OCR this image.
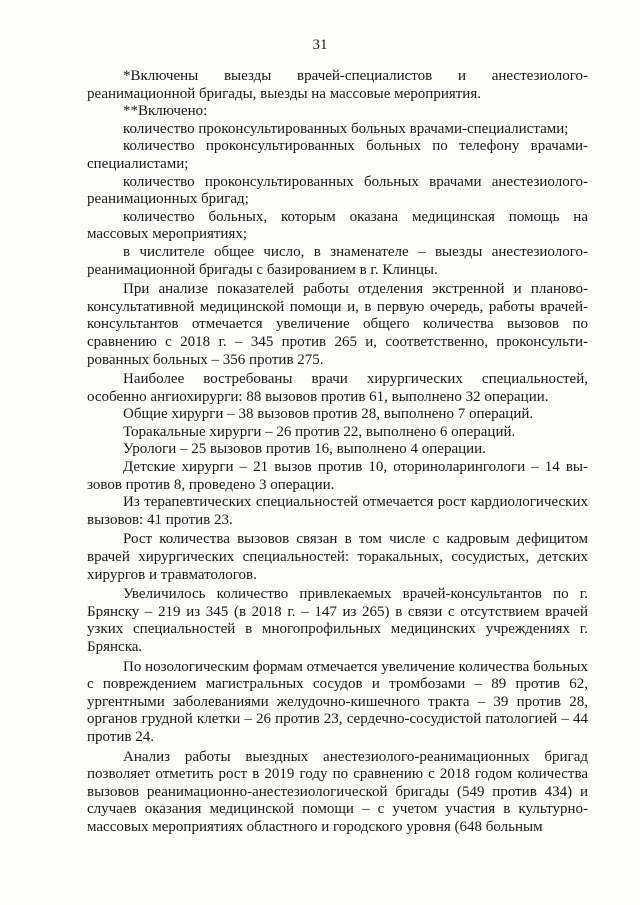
31

*Включены выезды врачей-специалистов и анестезиолого-реанимационной бригады, выезды на массовые мероприятия.

**Включено:

количество проконсультированных больных врачами-специалистами;

количество проконсультированных больных по телефону врачами-специалистами;

количество проконсультированных больных врачами анестезиолого-реанимационных бригад;

количество больных, которым оказана медицинская помощь на массовых мероприятиях;

в числителе общее число, в знаменателе – выезды анестезиолого-реанимационной бригады с базированием в г. Клинцы.

При анализе показателей работы отделения экстренной и планово-консультативной медицинской помощи и, в первую очередь, работы врачей-консультантов отмечается увеличение общего количества вызовов по сравнению с 2018 г. – 345 против 265 и, соответственно, проконсульти-рованных больных – 356 против 275.

Наиболее востребованы врачи хирургических специальностей, особенно ангиохирурги: 88 вызовов против 61, выполнено 32 операции.

Общие хирурги – 38 вызовов против 28, выполнено 7 операций.

Торакальные хирурги – 26 против 22, выполнено 6 операций.

Урологи – 25 вызовов против 16, выполнено 4 операции.

Детские хирурги – 21 вызов против 10, оториноларингологи – 14 вы-зовов против 8, проведено 3 операции.

Из терапевтических специальностей отмечается рост кардиологических вызовов: 41 против 23.

Рост количества вызовов связан в том числе с кадровым дефицитом врачей хирургических специальностей: торакальных, сосудистых, детских хирургов и травматологов.

Увеличилось количество привлекаемых врачей-консультантов по г. Брянску – 219 из 345 (в 2018 г. – 147 из 265) в связи с отсутствием врачей узких специальностей в многопрофильных медицинских учреждениях г. Брянска.

По нозологическим формам отмечается увеличение количества больных с повреждением магистральных сосудов и тромбозами – 89 против 62, ургентными заболеваниями желудочно-кишечного тракта – 39 против 28, органов грудной клетки – 26 против 23, сердечно-сосудистой патологией – 44 против 24.

Анализ работы выездных анестезиолого-реанимационных бригад позволяет отметить рост в 2019 году по сравнению с 2018 годом количества вызовов реанимационно-анестезиологической бригады (549 против 434) и случаев оказания медицинской помощи – с учетом участия в культурно-массовых мероприятиях областного и городского уровня (648 больным
